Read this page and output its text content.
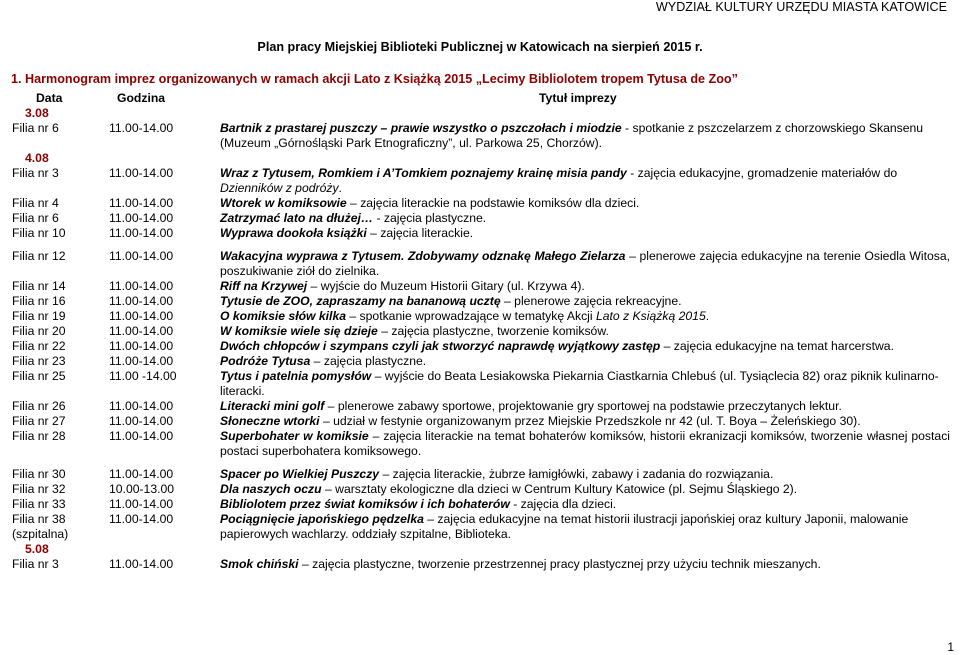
WYDZIAŁ KULTURY URZĘDU MIASTA KATOWICE
Plan pracy Miejskiej Biblioteki Publicznej w Katowicach na sierpień 2015 r.
1. Harmonogram imprez organizowanych w ramach akcji Lato z Książką 2015 „Lecimy Bibliolotem tropem Tytusa de Zoo”
Data	Godzina	Tytuł imprezy
3.08		
Filia nr 6	11.00-14.00	Bartnik z prastarej puszczy – prawie wszystko o pszczołach i miodzie - spotkanie z pszczelarzem z chorzowskiego Skansenu (Muzeum „Górnośląski Park Etnograficzny”, ul. Parkowa 25, Chorzów).
4.08		
Filia nr 3	11.00-14.00	Wraz z Tytusem, Romkiem i A’Tomkiem poznajemy krainę misia pandy - zajęcia edukacyjne, gromadzenie materiałów do Dzienników z podróży.
Filia nr 4	11.00-14.00	Wtorek w komiksowie – zajęcia literackie na podstawie komiksów dla dzieci.
Filia nr 6	11.00-14.00	Zatrzymać lato na dłużej… - zajęcia plastyczne.
Filia nr 10	11.00-14.00	Wyprawa dookoła książki – zajęcia literackie.

Filia nr 12	11.00-14.00	Wakacyjna wyprawa z Tytusem. Zdobywamy odznakę Małego Zielarza – plenerowe zajęcia edukacyjne na terenie Osiedla Witosa, poszukiwanie ziół do zielnika.
Filia nr 14	11.00-14.00	Riff na Krzywej – wyjście do Muzeum Historii Gitary (ul. Krzywa 4).
Filia nr 16	11.00-14.00	Tytusie de ZOO, zapraszamy na bananową ucztę – plenerowe zajęcia rekreacyjne.
Filia nr 19	11.00-14.00	O komiksie słów kilka – spotkanie wprowadzające w tematykę Akcji Lato z Książką 2015.
Filia nr 20	11.00-14.00	W komiksie wiele się dzieje – zajęcia plastyczne, tworzenie komiksów.
Filia nr 22	11.00-14.00	Dwóch chłopców i szympans czyli jak stworzyć naprawdę wyjątkowy zastęp – zajęcia edukacyjne na temat harcerstwa.
Filia nr 23	11.00-14.00	Podróże Tytusa – zajęcia plastyczne.
Filia nr 25	11.00 -14.00	Tytus i patelnia pomysłów – wyjście do Beata Lesiakowska Piekarnia Ciastkarnia Chlebuś (ul. Tysiąclecia 82) oraz piknik kulinarno-literacki.
Filia nr 26	11.00-14.00	Literacki mini golf – plenerowe zabawy sportowe, projektowanie gry sportowej na podstawie przeczytanych lektur.
Filia nr 27	11.00-14.00	Słoneczne wtorki – udział w festynie organizowanym przez Miejskie Przedszkole nr 42 (ul. T. Boya – Żeleńskiego 30).
Filia nr 28	11.00-14.00	Superbohater w komiksie – zajęcia literackie na temat bohaterów komiksów, historii ekranizacji komiksów, tworzenie własnej postaci postaci superbohatera komiksowego.

Filia nr 30	11.00-14.00	Spacer po Wielkiej Puszczy – zajęcia literackie, żubrze łamigłówki, zabawy i zadania do rozwiązania.
Filia nr 32	10.00-13.00	Dla naszych oczu – warsztaty ekologiczne dla dzieci w Centrum Kultury Katowice (pl. Sejmu Śląskiego 2).
Filia nr 33	11.00-14.00	Bibliolotem przez świat komiksów i ich bohaterów - zajęcia dla dzieci.
Filia nr 38
(szpitalna)	11.00-14.00	Pociągnięcie japońskiego pędzelka – zajęcia edukacyjne na temat historii ilustracji japońskiej oraz kultury Japonii, malowanie papierowych wachlarzy. oddziały szpitalne, Biblioteka.
5.08		
Filia nr 3	11.00-14.00	Smok chiński – zajęcia plastyczne, tworzenie przestrzennej pracy plastycznej przy użyciu technik mieszanych.
1
